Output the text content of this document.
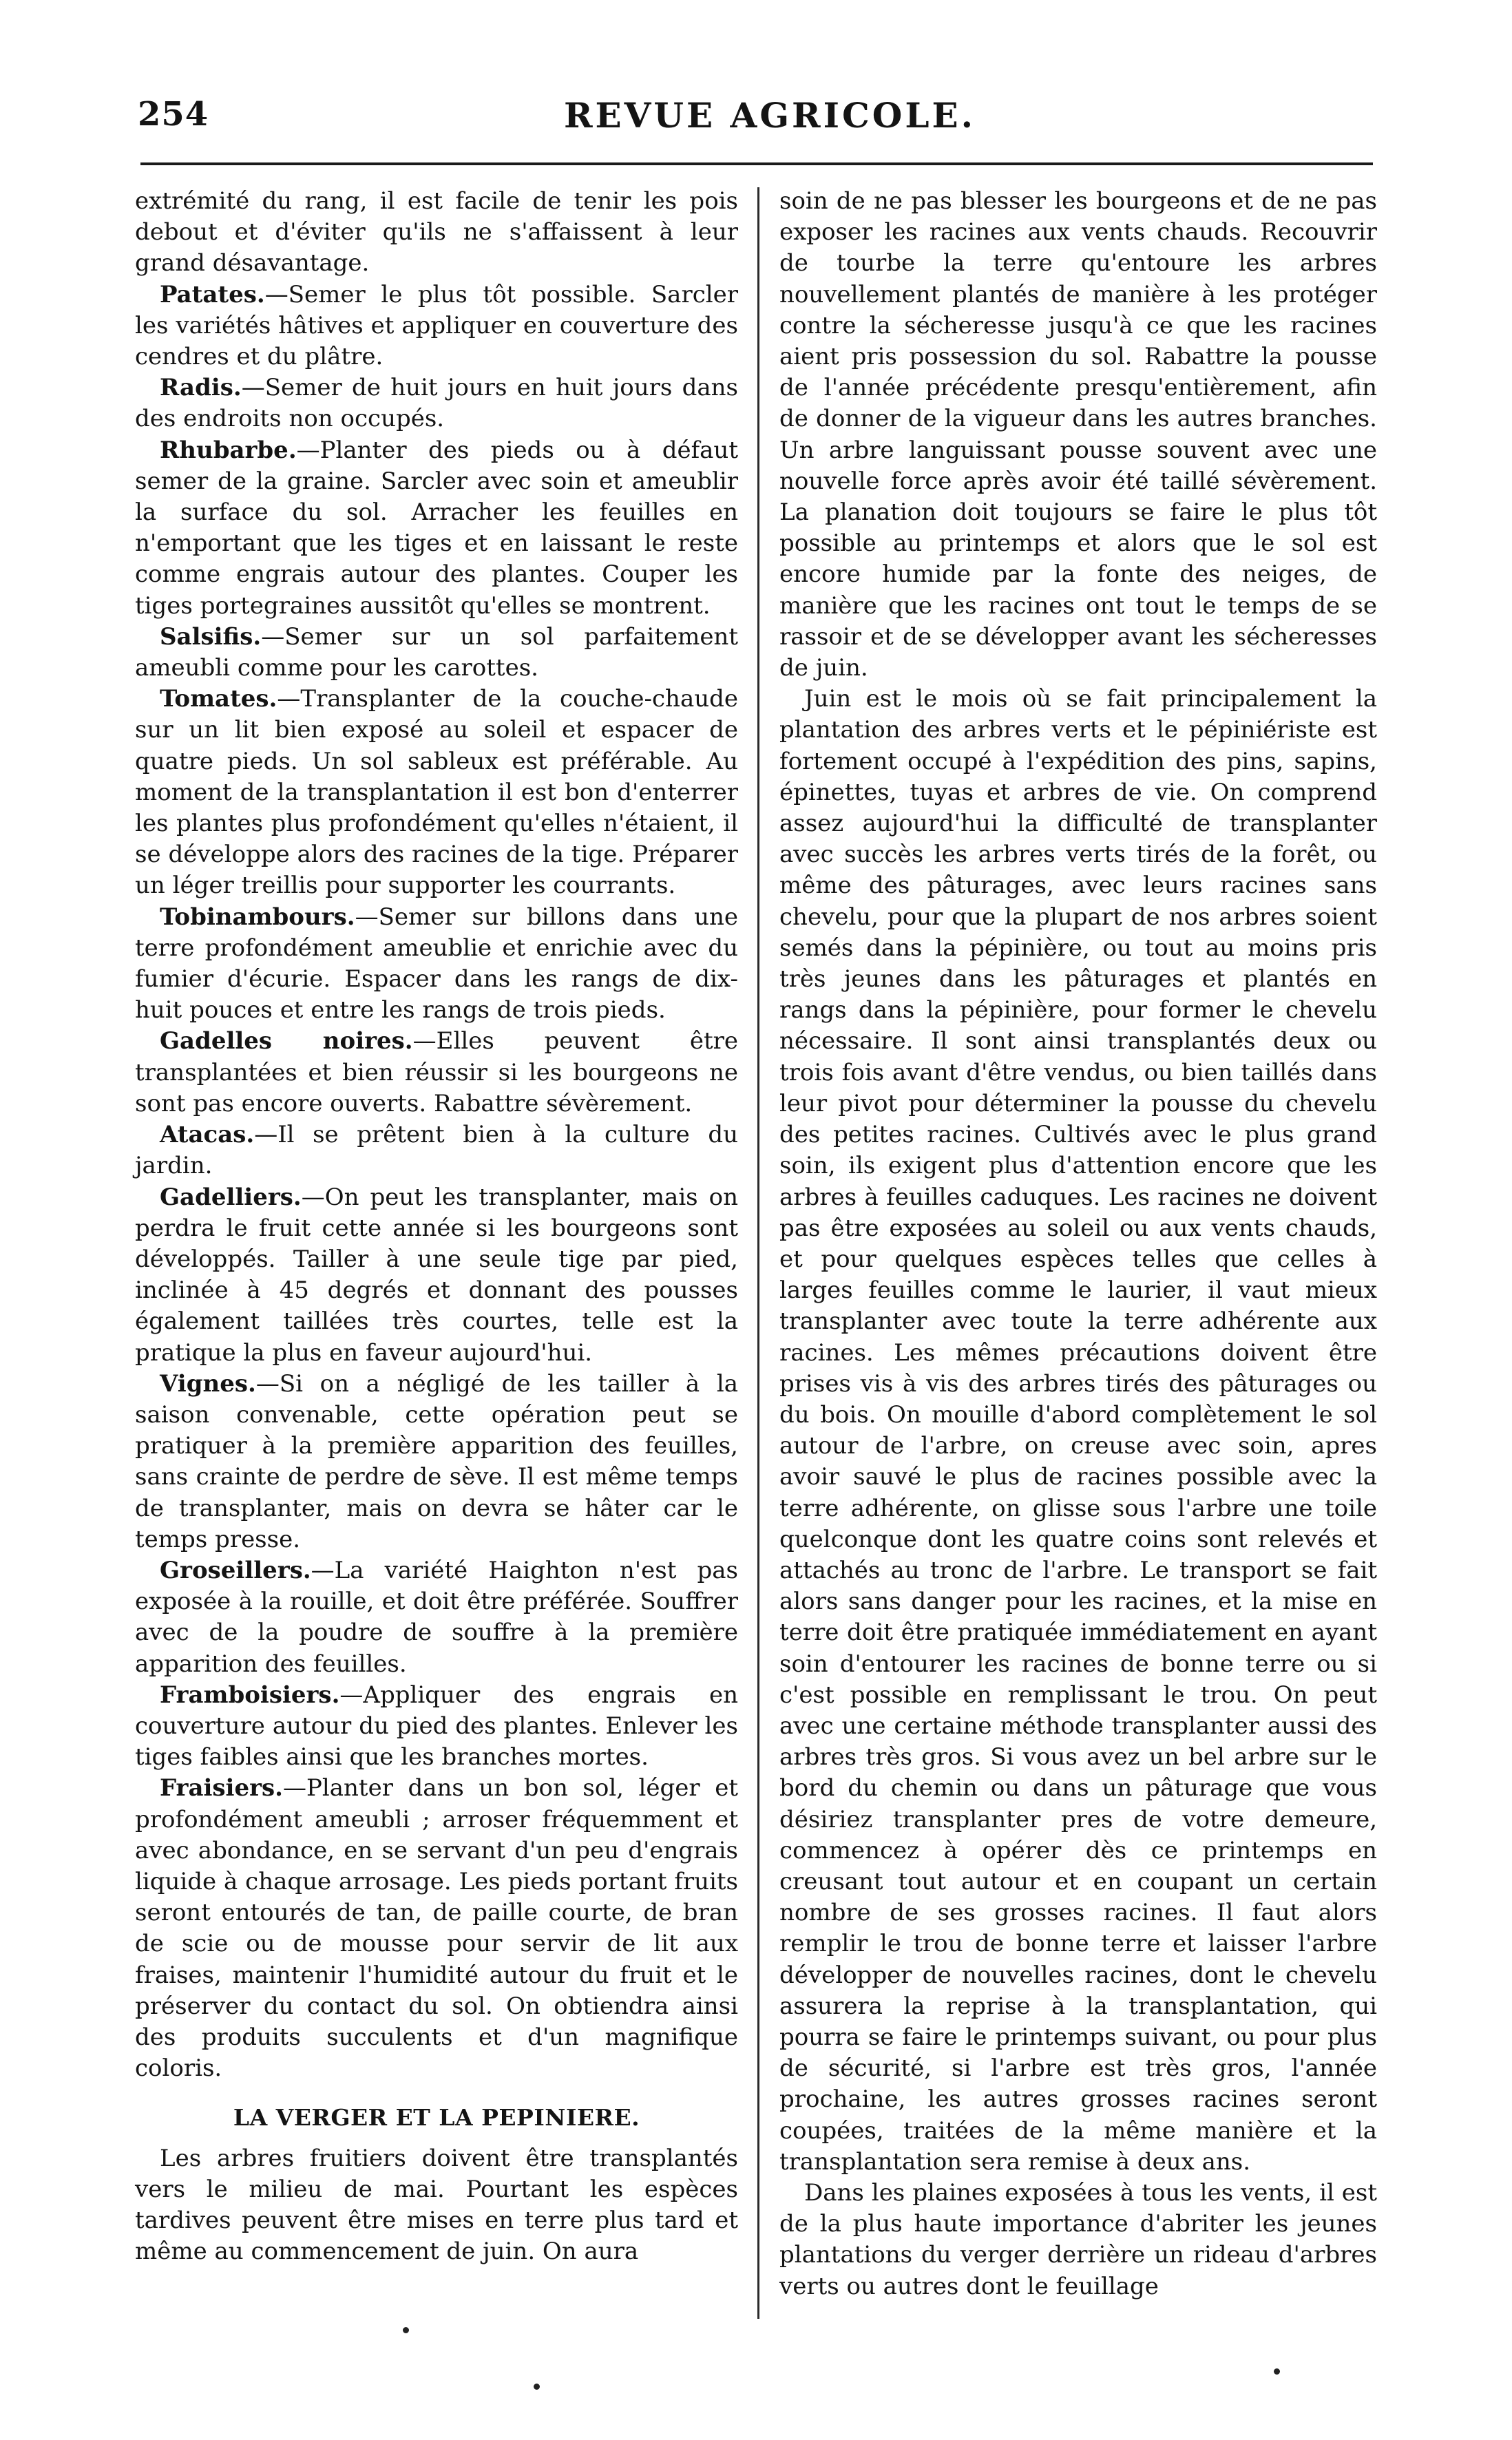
254	REVUE AGRICOLE.

extrémité du rang, il est facile de tenir les pois debout et d'éviter qu'ils ne s'affaissent à leur grand désavantage.

Patates.—Semer le plus tôt possible. Sarcler les variétés hâtives et appliquer en couverture des cendres et du plâtre.

Radis.—Semer de huit jours en huit jours dans des endroits non occupés.

Rhubarbe.—Planter des pieds ou à défaut semer de la graine. Sarcler avec soin et ameublir la surface du sol. Arracher les feuilles en n'emportant que les tiges et en laissant le reste comme engrais autour des plantes. Couper les tiges portegraines aussitôt qu'elles se montrent.

Salsifis.—Semer sur un sol parfaitement ameubli comme pour les carottes.

Tomates.—Transplanter de la couche-chaude sur un lit bien exposé au soleil et espacer de quatre pieds. Un sol sableux est préférable. Au moment de la transplantation il est bon d'enterrer les plantes plus profondément qu'elles n'étaient, il se développe alors des racines de la tige. Préparer un léger treillis pour supporter les courrants.

Tobinambours.—Semer sur billons dans une terre profondément ameublie et enrichie avec du fumier d'écurie. Espacer dans les rangs de dix-huit pouces et entre les rangs de trois pieds.

Gadelles noires.—Elles peuvent être transplantées et bien réussir si les bourgeons ne sont pas encore ouverts. Rabattre sévèrement.

Atacas.—Il se prêtent bien à la culture du jardin.

Gadelliers.—On peut les transplanter, mais on perdra le fruit cette année si les bourgeons sont développés. Tailler à une seule tige par pied, inclinée à 45 degrés et donnant des pousses également taillées très courtes, telle est la pratique la plus en faveur aujourd'hui.

Vignes.—Si on a négligé de les tailler à la saison convenable, cette opération peut se pratiquer à la première apparition des feuilles, sans crainte de perdre de sève. Il est même temps de transplanter, mais on devra se hâter car le temps presse.

Groseillers.—La variété Haighton n'est pas exposée à la rouille, et doit être préférée. Souffrer avec de la poudre de souffre à la première apparition des feuilles.

Framboisiers.—Appliquer des engrais en couverture autour du pied des plantes. Enlever les tiges faibles ainsi que les branches mortes.

Fraisiers.—Planter dans un bon sol, léger et profondément ameubli ; arroser fréquemment et avec abondance, en se servant d'un peu d'engrais liquide à chaque arrosage. Les pieds portant fruits seront entourés de tan, de paille courte, de bran de scie ou de mousse pour servir de lit aux fraises, maintenir l'humidité autour du fruit et le préserver du contact du sol. On obtiendra ainsi des produits succulents et d'un magnifique coloris.

LA VERGER ET LA PEPINIERE.

Les arbres fruitiers doivent être transplantés vers le milieu de mai. Pourtant les espèces tardives peuvent être mises en terre plus tard et même au commencement de juin. On aura

soin de ne pas blesser les bourgeons et de ne pas exposer les racines aux vents chauds. Recouvrir de tourbe la terre qu'entoure les arbres nouvellement plantés de manière à les protéger contre la sécheresse jusqu'à ce que les racines aient pris possession du sol. Rabattre la pousse de l'année précédente presqu'entièrement, afin de donner de la vigueur dans les autres branches. Un arbre languissant pousse souvent avec une nouvelle force après avoir été taillé sévèrement. La planation doit toujours se faire le plus tôt possible au printemps et alors que le sol est encore humide par la fonte des neiges, de manière que les racines ont tout le temps de se rassoir et de se développer avant les sécheresses de juin.

Juin est le mois où se fait principalement la plantation des arbres verts et le pépiniériste est fortement occupé à l'expédition des pins, sapins, épinettes, tuyas et arbres de vie. On comprend assez aujourd'hui la difficulté de transplanter avec succès les arbres verts tirés de la forêt, ou même des pâturages, avec leurs racines sans chevelu, pour que la plupart de nos arbres soient semés dans la pépinière, ou tout au moins pris très jeunes dans les pâturages et plantés en rangs dans la pépinière, pour former le chevelu nécessaire. Il sont ainsi transplantés deux ou trois fois avant d'être vendus, ou bien taillés dans leur pivot pour déterminer la pousse du chevelu des petites racines. Cultivés avec le plus grand soin, ils exigent plus d'attention encore que les arbres à feuilles caduques. Les racines ne doivent pas être exposées au soleil ou aux vents chauds, et pour quelques espèces telles que celles à larges feuilles comme le laurier, il vaut mieux transplanter avec toute la terre adhérente aux racines. Les mêmes précautions doivent être prises vis à vis des arbres tirés des pâturages ou du bois. On mouille d'abord complètement le sol autour de l'arbre, on creuse avec soin, apres avoir sauvé le plus de racines possible avec la terre adhérente, on glisse sous l'arbre une toile quelconque dont les quatre coins sont relevés et attachés au tronc de l'arbre. Le transport se fait alors sans danger pour les racines, et la mise en terre doit être pratiquée immédiatement en ayant soin d'entourer les racines de bonne terre ou si c'est possible en remplissant le trou. On peut avec une certaine méthode transplanter aussi des arbres très gros. Si vous avez un bel arbre sur le bord du chemin ou dans un pâturage que vous désiriez transplanter pres de votre demeure, commencez à opérer dès ce printemps en creusant tout autour et en coupant un certain nombre de ses grosses racines. Il faut alors remplir le trou de bonne terre et laisser l'arbre développer de nouvelles racines, dont le chevelu assurera la reprise à la transplantation, qui pourra se faire le printemps suivant, ou pour plus de sécurité, si l'arbre est très gros, l'année prochaine, les autres grosses racines seront coupées, traitées de la même manière et la transplantation sera remise à deux ans.

Dans les plaines exposées à tous les vents, il est de la plus haute importance d'abriter les jeunes plantations du verger derrière un rideau d'arbres verts ou autres dont le feuillage
